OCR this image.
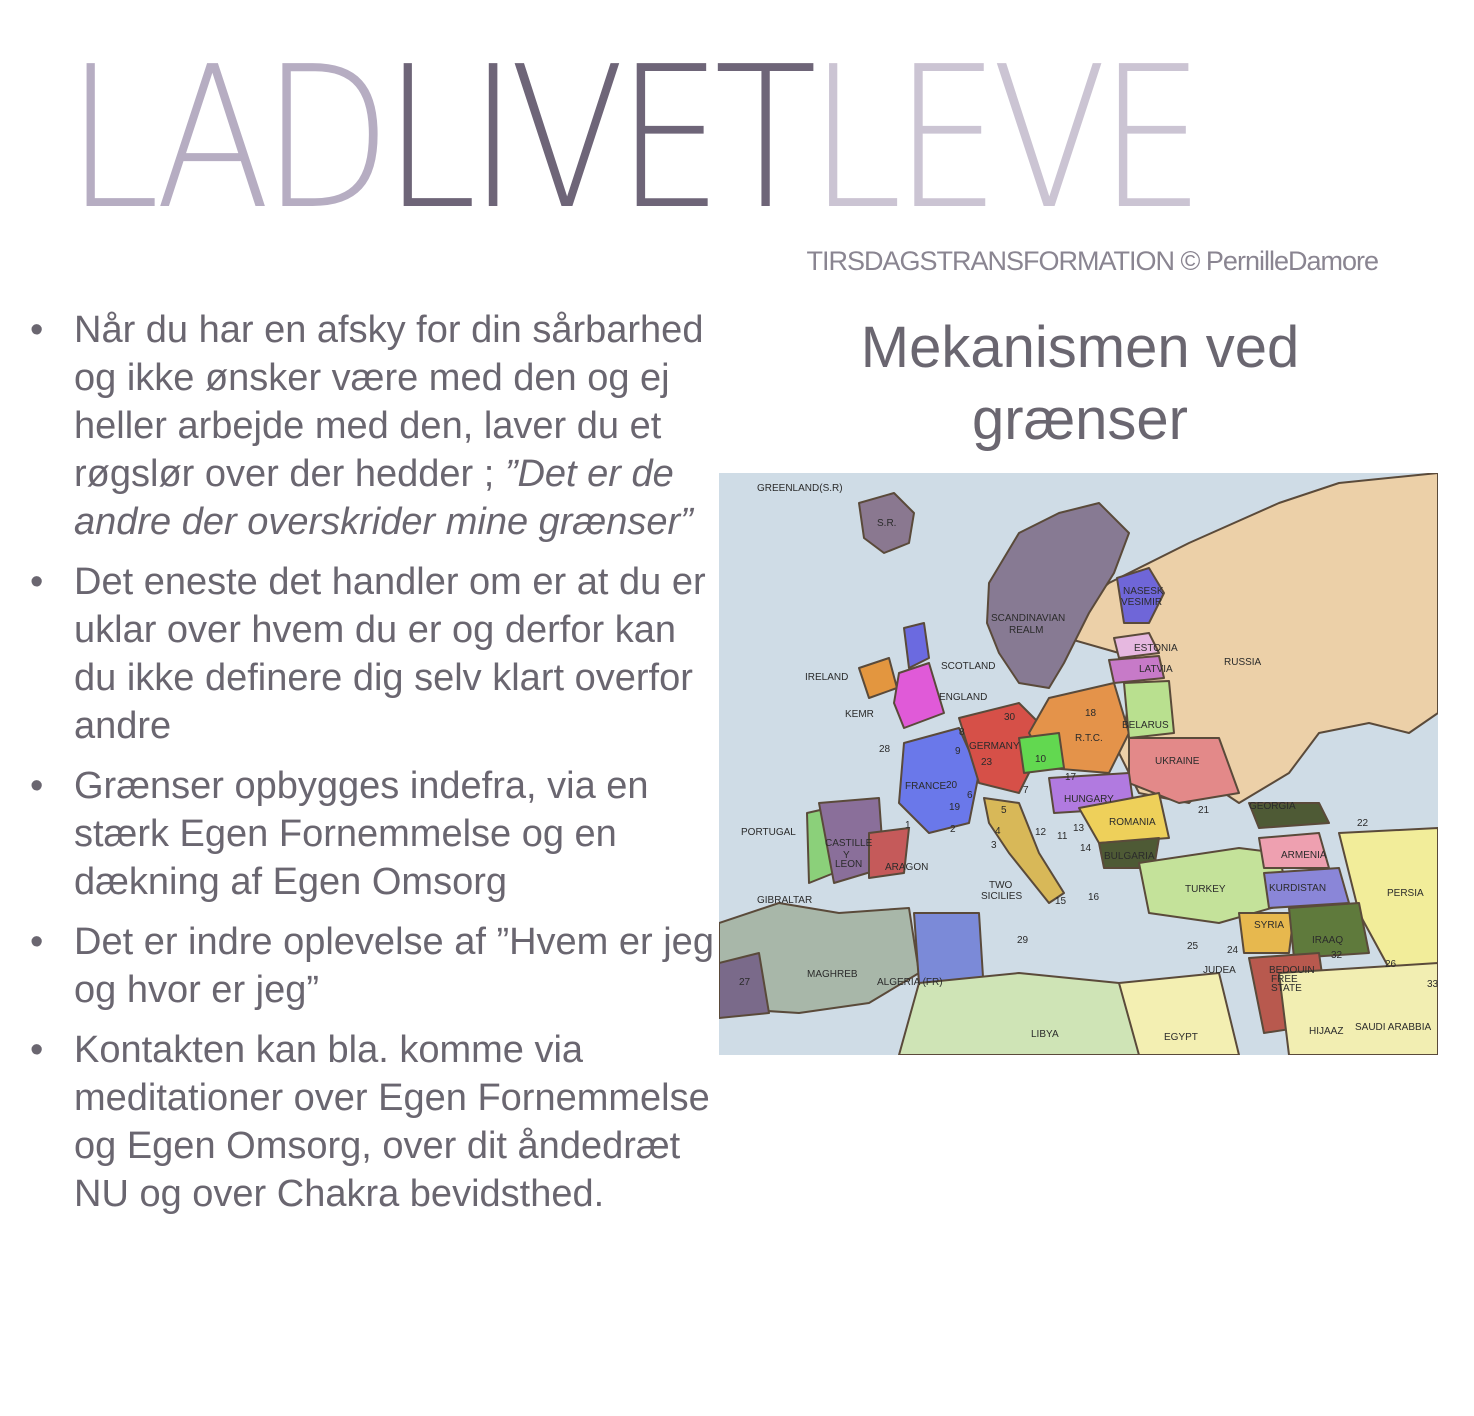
LADLIVETLEVE
TIRSDAGSTRANSFORMATION © PernilleDamore
• Når du har en afsky for din sårbarhed og ikke ønsker være med den og ej heller arbejde med den, laver du et røgslør over der hedder ; ”Det er de andre der overskrider mine grænser”
• Det eneste det handler om er at du er uklar over hvem du er og derfor kan du ikke definere dig selv klart overfor andre
• Grænser opbygges indefra, via en stærk Egen Fornemmelse og en dækning af Egen Omsorg
• Det er indre oplevelse af ”Hvem er jeg og hvor er jeg”
• Kontakten kan bla. komme via meditationer over Egen Fornemmelse og Egen Omsorg, over dit åndedræt NU og over Chakra bevidsthed.
Mekanismen ved grænser
GREENLAND(S.R)
S.R.
SCANDINAVIAN
REALM
NASESK
VESIMIR
ESTONIA
LATVIA
RUSSIA
SCOTLAND
IRELAND
ENGLAND
KEMR
GERMANY
R.T.C.
BELARUS
UKRAINE
FRANCE
HUNGARY
ROMANIA
GEORGIA
PORTUGAL
CASTILLE
Y
LEON ARAGON
BULGARIA	ARMENIA
KURDISTAN
TURKEY	PERSIA
GIBRALTAR
TWO
SICILIES
SYRIA
IRAAQ
MAGHREB
ALGERIA (FR)
JUDEA	BEDOUIN
FREE
STATE
LIBYA	EGYPT
HIJAAZ SAUDI ARABBIA
30	18
8
9
23	10
17
7
20
19
6
5
4
3
2
1
12 11
13
14
16
15
28
22
25	24	32
26
33
27
29
21
